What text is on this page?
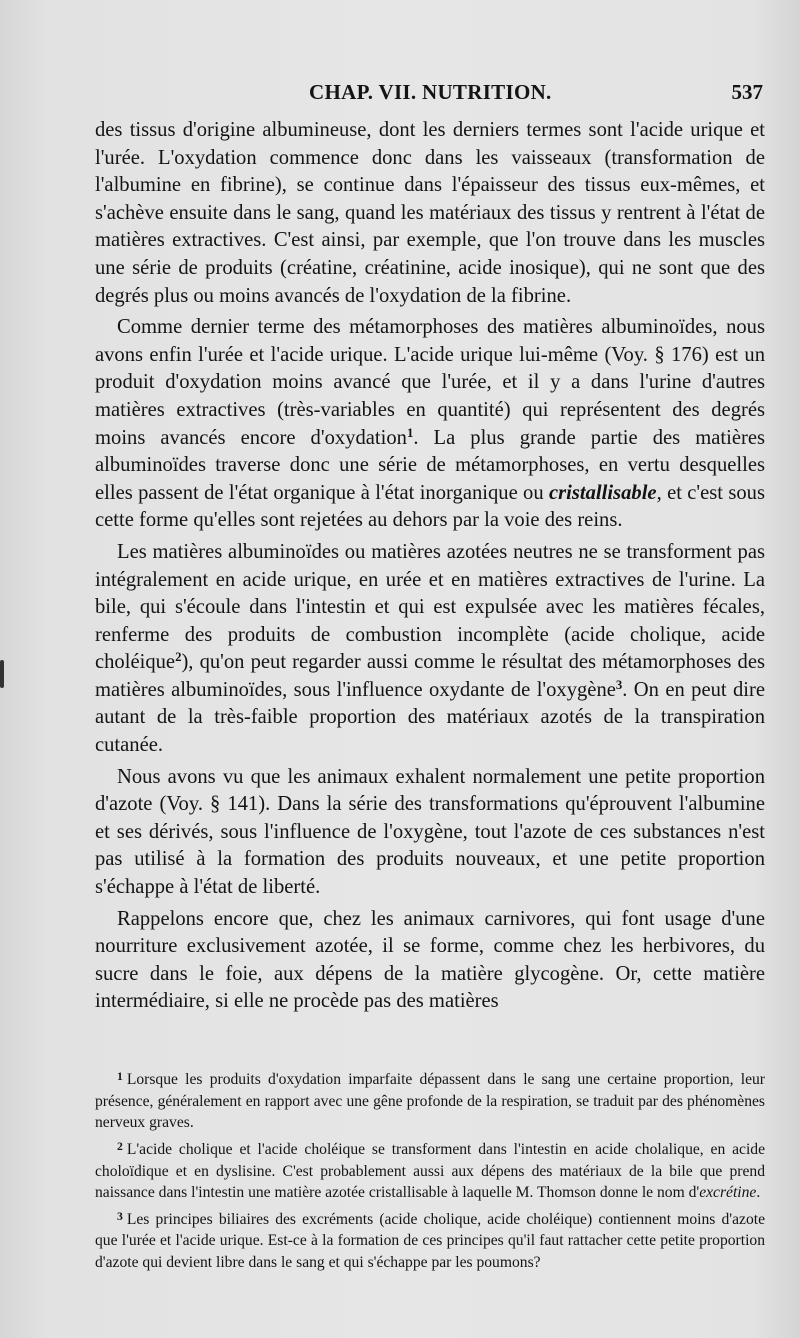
CHAP. VII. NUTRITION.	537

des tissus d'origine albumineuse, dont les derniers termes sont l'acide urique et l'urée. L'oxydation commence donc dans les vaisseaux (transformation de l'albumine en fibrine), se continue dans l'épaisseur des tissus eux-mêmes, et s'achève ensuite dans le sang, quand les matériaux des tissus y rentrent à l'état de matières extractives. C'est ainsi, par exemple, que l'on trouve dans les muscles une série de produits (créatine, créatinine, acide inosique), qui ne sont que des degrés plus ou moins avancés de l'oxydation de la fibrine.

Comme dernier terme des métamorphoses des matières albuminoïdes, nous avons enfin l'urée et l'acide urique. L'acide urique lui-même (Voy. § 176) est un produit d'oxydation moins avancé que l'urée, et il y a dans l'urine d'autres matières extractives (très-variables en quantité) qui représentent des degrés moins avancés encore d'oxydation$^1$. La plus grande partie des matières albuminoïdes traverse donc une série de métamorphoses, en vertu desquelles elles passent de l'état organique à l'état inorganique ou cristallisable, et c'est sous cette forme qu'elles sont rejetées au dehors par la voie des reins.

Les matières albuminoïdes ou matières azotées neutres ne se transforment pas intégralement en acide urique, en urée et en matières extractives de l'urine. La bile, qui s'écoule dans l'intestin et qui est expulsée avec les matières fécales, renferme des produits de combustion incomplète (acide cholique, acide choléique$^2$), qu'on peut regarder aussi comme le résultat des métamorphoses des matières albuminoïdes, sous l'influence oxydante de l'oxygène$^3$. On en peut dire autant de la très-faible proportion des matériaux azotés de la transpiration cutanée.

Nous avons vu que les animaux exhalent normalement une petite proportion d'azote (Voy. § 141). Dans la série des transformations qu'éprouvent l'albumine et ses dérivés, sous l'influence de l'oxygène, tout l'azote de ces substances n'est pas utilisé à la formation des produits nouveaux, et une petite proportion s'échappe à l'état de liberté.

Rappelons encore que, chez les animaux carnivores, qui font usage d'une nourriture exclusivement azotée, il se forme, comme chez les herbivores, du sucre dans le foie, aux dépens de la matière glycogène. Or, cette matière intermédiaire, si elle ne procède pas des matières

$^1$ Lorsque les produits d'oxydation imparfaite dépassent dans le sang une certaine proportion, leur présence, généralement en rapport avec une gêne profonde de la respiration, se traduit par des phénomènes nerveux graves.

$^2$ L'acide cholique et l'acide choléique se transforment dans l'intestin en acide cholalique, en acide choloïdique et en dyslisine. C'est probablement aussi aux dépens des matériaux de la bile que prend naissance dans l'intestin une matière azotée cristallisable à laquelle M. Thomson donne le nom d'excrétine.

$^3$ Les principes biliaires des excréments (acide cholique, acide choléique) contiennent moins d'azote que l'urée et l'acide urique. Est-ce à la formation de ces principes qu'il faut rattacher cette petite proportion d'azote qui devient libre dans le sang et qui s'échappe par les poumons?
